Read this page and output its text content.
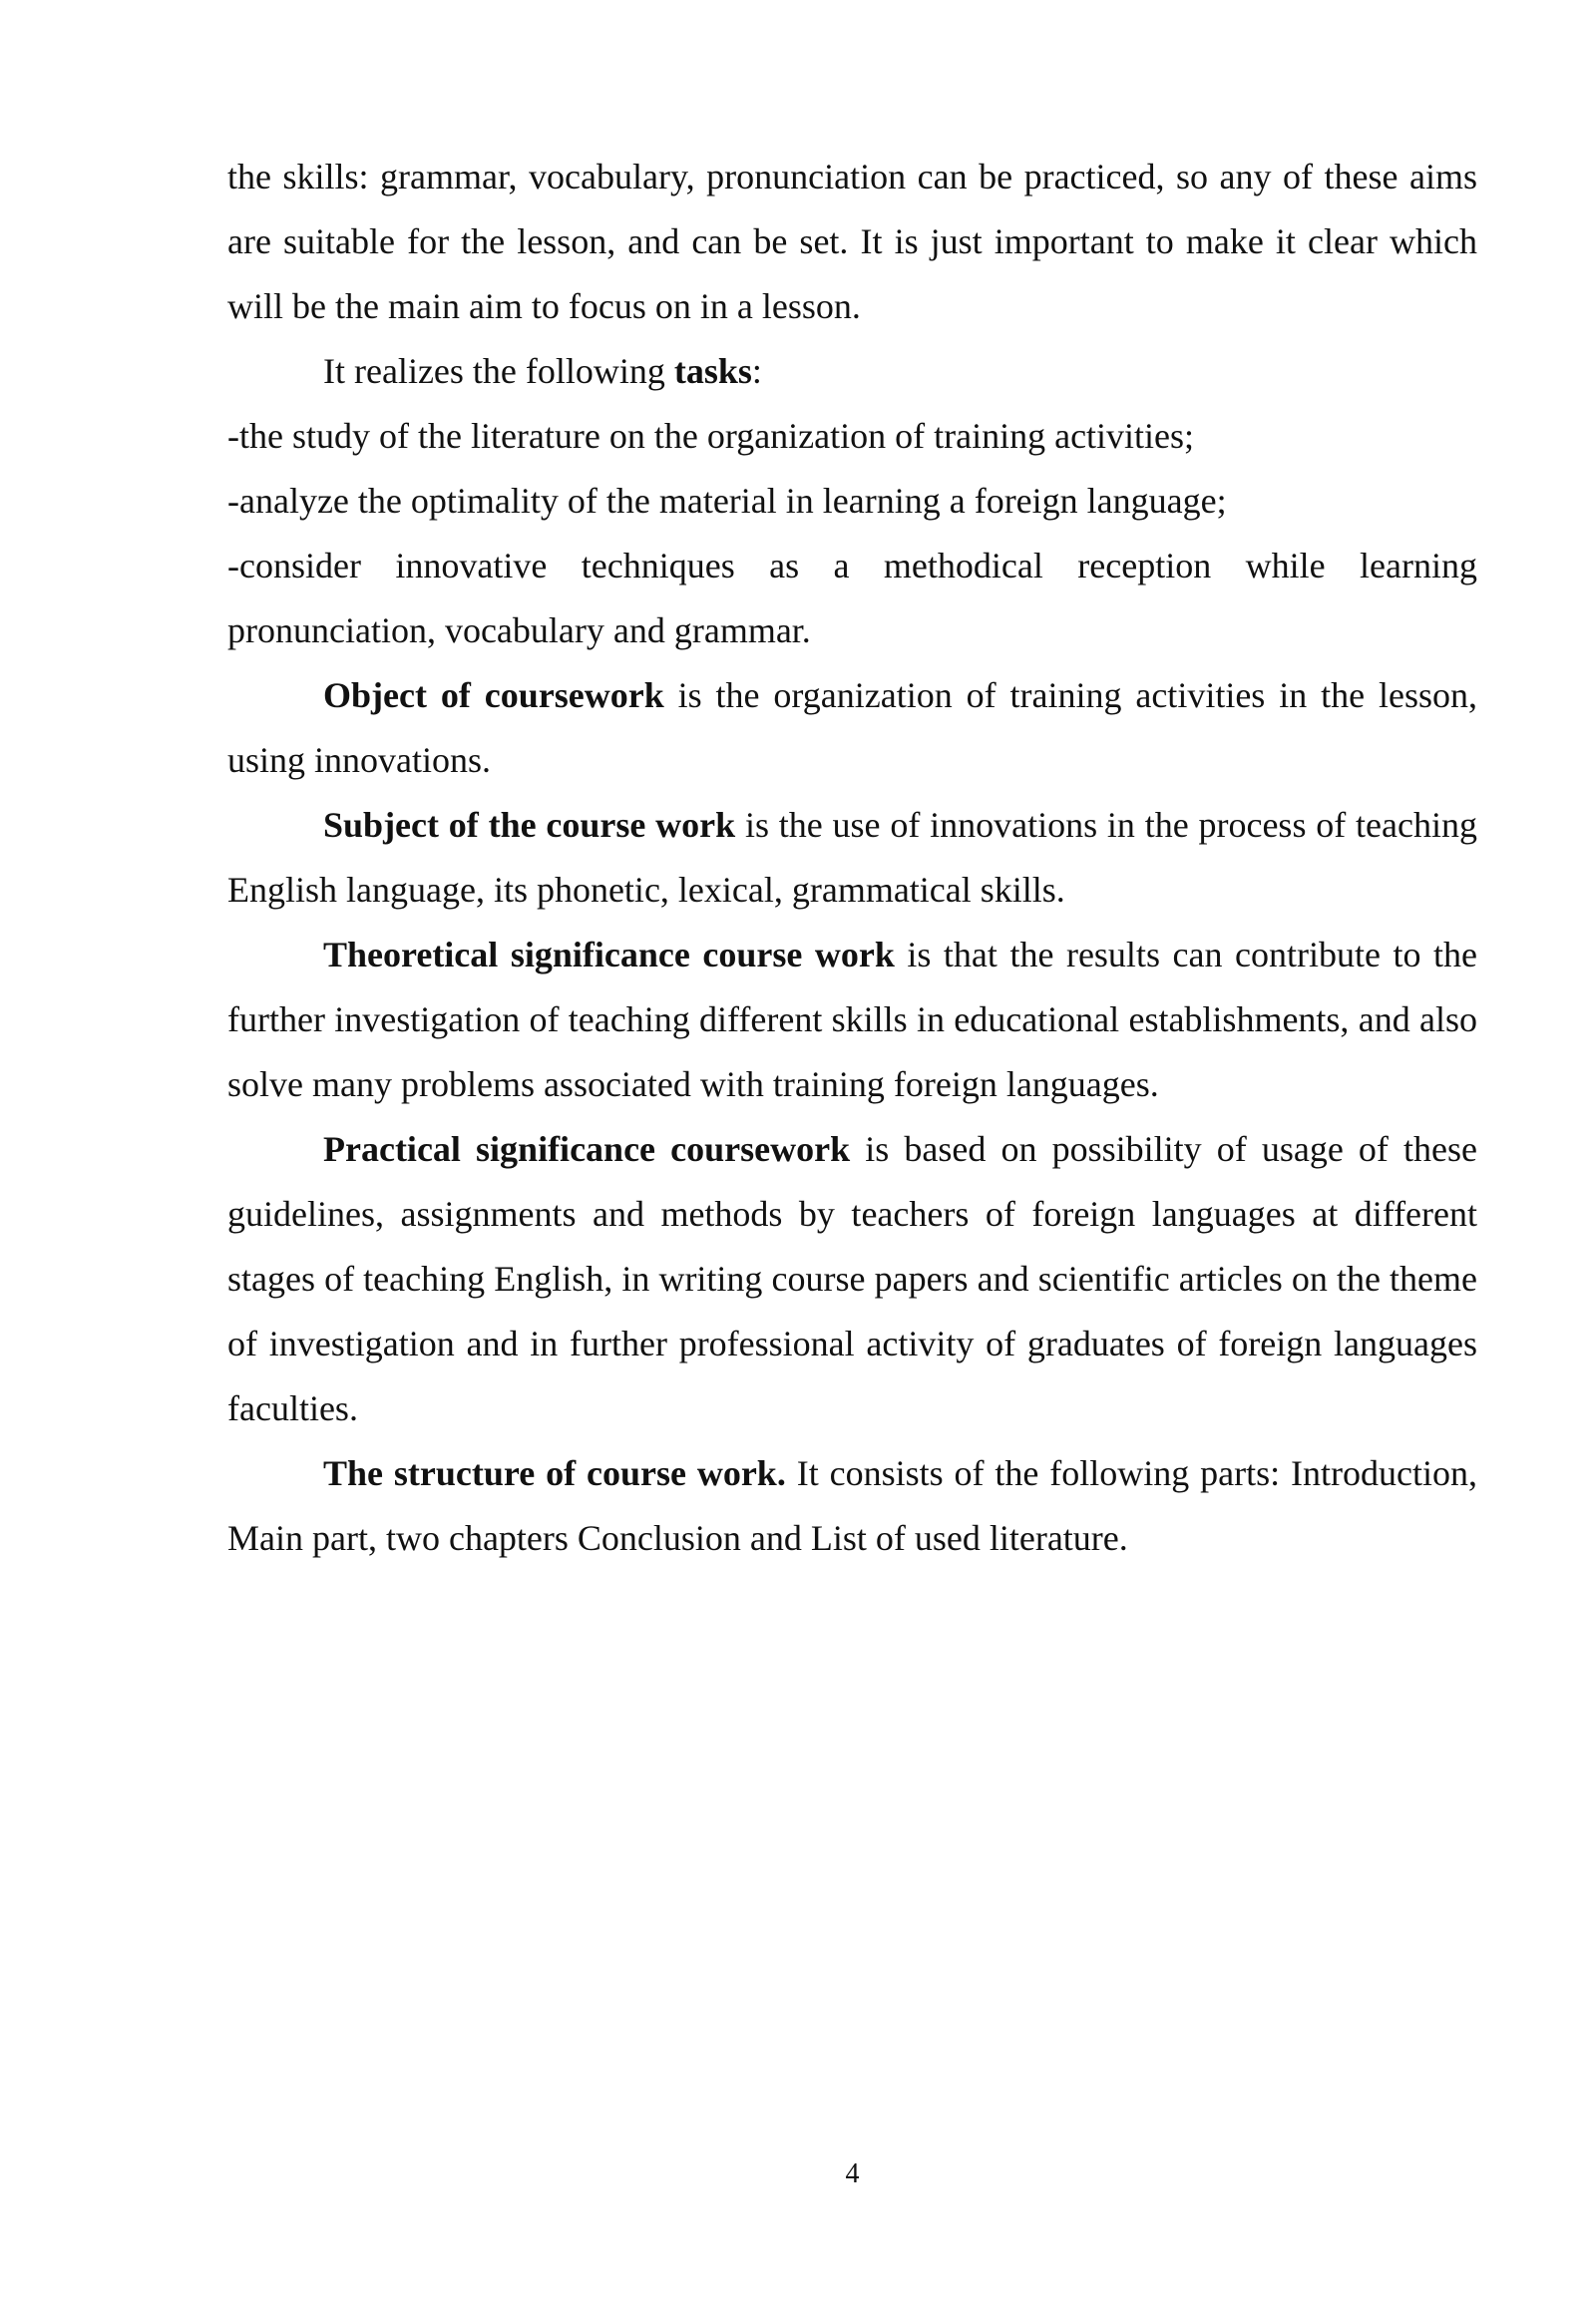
the skills: grammar, vocabulary, pronunciation can be practiced, so any of these aims are suitable for the lesson, and can be set. It is just important to make it clear which will be the main aim to focus on in a lesson.

It realizes the following tasks:

-the study of the literature on the organization of training activities;

-analyze the optimality of the material in learning a foreign language;

-consider innovative techniques as a methodical reception while learning pronunciation, vocabulary and grammar.

Object of coursework is the organization of training activities in the lesson, using innovations.

Subject of the course work is the use of innovations in the process of teaching English language, its phonetic, lexical, grammatical skills.

Theoretical significance course work is that the results can contribute to the further investigation of teaching different skills in educational establishments, and also solve many problems associated with training foreign languages.

Practical significance coursework is based on possibility of usage of these guidelines, assignments and methods by teachers of foreign languages at different stages of teaching English, in writing course papers and scientific articles on the theme of investigation and in further professional activity of graduates of foreign languages faculties.

The structure of course work. It consists of the following parts: Introduction, Main part, two chapters Conclusion and List of used literature.

4
